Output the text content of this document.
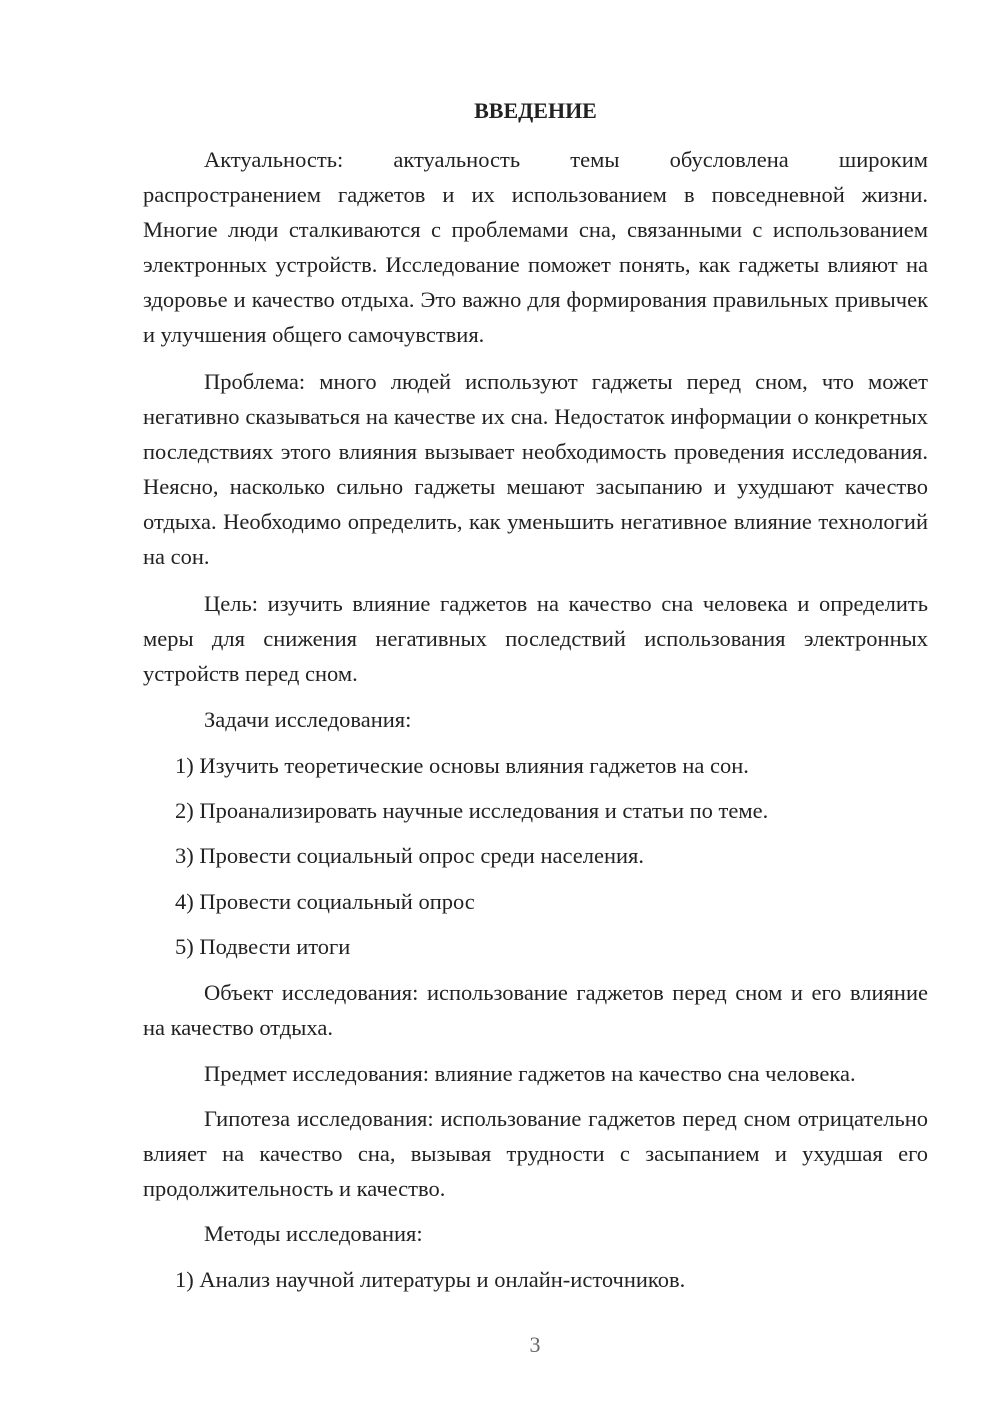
ВВЕДЕНИЕ

Актуальность: актуальность темы обусловлена широким распространением гаджетов и их использованием в повседневной жизни. Многие люди сталкиваются с проблемами сна, связанными с использованием электронных устройств. Исследование поможет понять, как гаджеты влияют на здоровье и качество отдыха. Это важно для формирования правильных привычек и улучшения общего самочувствия.

Проблема: много людей используют гаджеты перед сном, что может негативно сказываться на качестве их сна. Недостаток информации о конкретных последствиях этого влияния вызывает необходимость проведения исследования. Неясно, насколько сильно гаджеты мешают засыпанию и ухудшают качество отдыха. Необходимо определить, как уменьшить негативное влияние технологий на сон.

Цель: изучить влияние гаджетов на качество сна человека и определить меры для снижения негативных последствий использования электронных устройств перед сном.

Задачи исследования:

1) Изучить теоретические основы влияния гаджетов на сон.

2) Проанализировать научные исследования и статьи по теме.

3) Провести социальный опрос среди населения.

4) Провести социальный опрос

5) Подвести итоги

Объект исследования: использование гаджетов перед сном и его влияние на качество отдыха.

Предмет исследования: влияние гаджетов на качество сна человека.

Гипотеза исследования: использование гаджетов перед сном отрицательно влияет на качество сна, вызывая трудности с засыпанием и ухудшая его продолжительность и качество.

Методы исследования:

1) Анализ научной литературы и онлайн-источников.

3
